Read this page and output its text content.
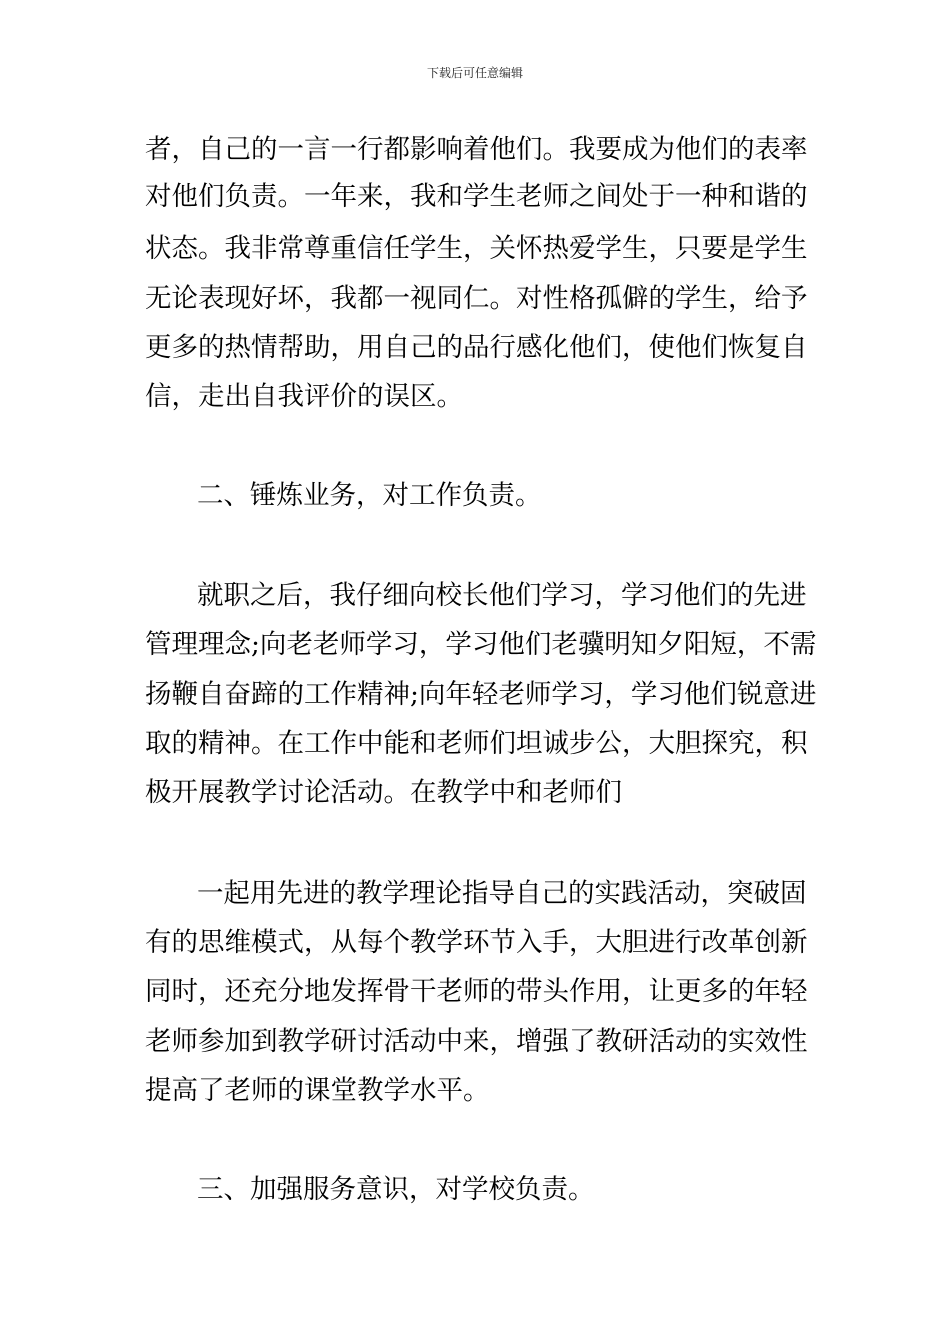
下载后可任意编辑
者，自己的一言一行都影响着他们。我要成为他们的表率
对他们负责。一年来，我和学生老师之间处于一种和谐的
状态。我非常尊重信任学生，关怀热爱学生，只要是学生
无论表现好坏，我都一视同仁。对性格孤僻的学生，给予
更多的热情帮助，用自己的品行感化他们，使他们恢复自
信，走出自我评价的误区。
二、锤炼业务，对工作负责。
就职之后，我仔细向校长他们学习，学习他们的先进
管理理念;向老老师学习，学习他们老骥明知夕阳短，不需
扬鞭自奋蹄的工作精神;向年轻老师学习，学习他们锐意进
取的精神。在工作中能和老师们坦诚步公，大胆探究，积
极开展教学讨论活动。在教学中和老师们
一起用先进的教学理论指导自己的实践活动，突破固
有的思维模式，从每个教学环节入手，大胆进行改革创新
同时，还充分地发挥骨干老师的带头作用，让更多的年轻
老师参加到教学研讨活动中来，增强了教研活动的实效性
提高了老师的课堂教学水平。
三、加强服务意识，对学校负责。
